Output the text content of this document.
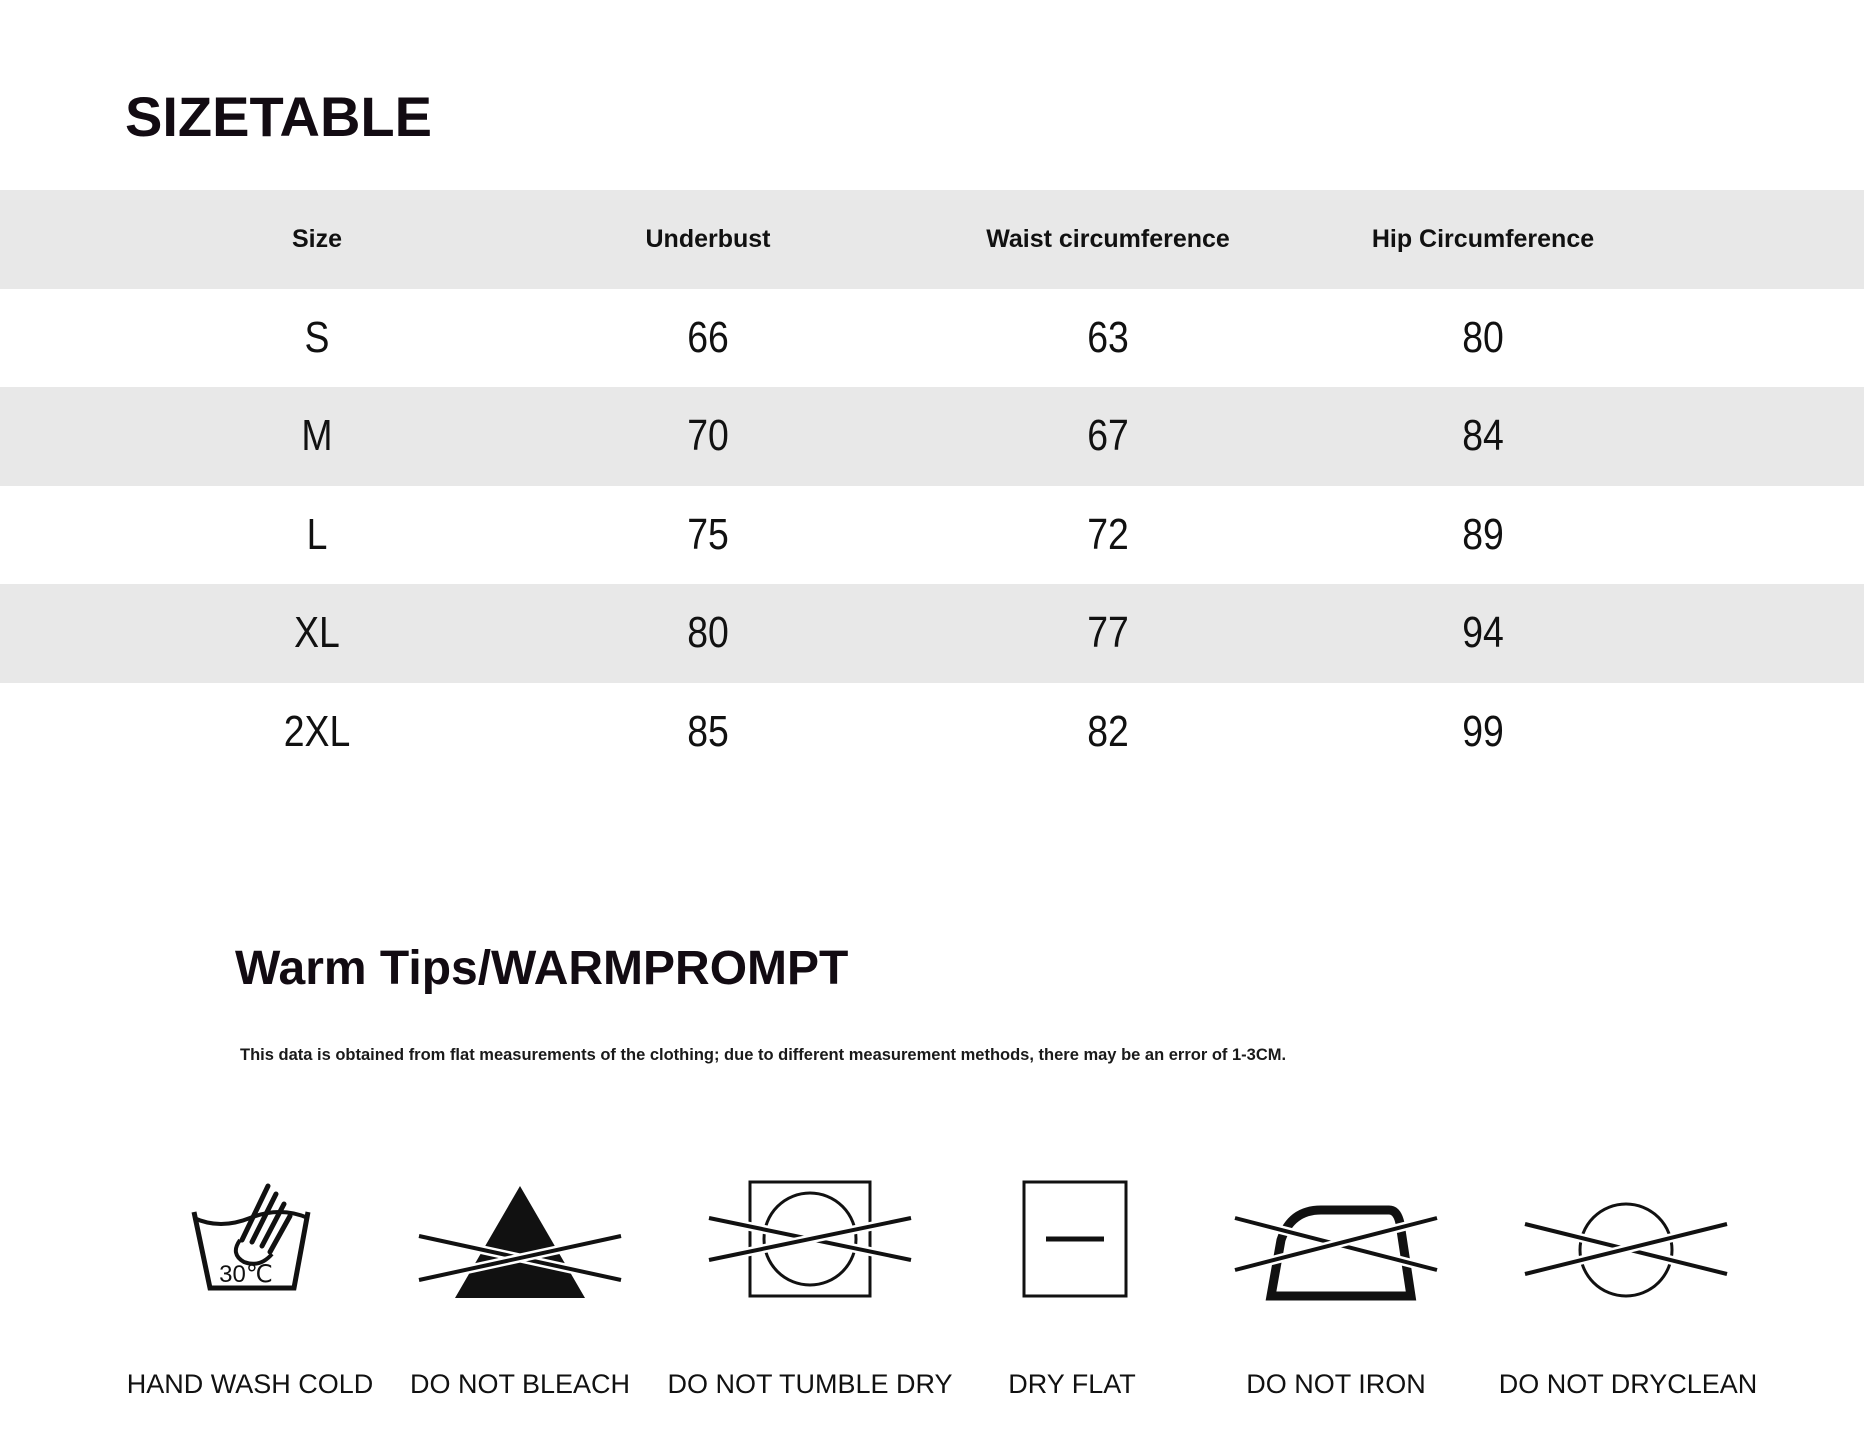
SIZETABLE
Size	Underbust	Waist circumference	Hip Circumference
S	66	63	80
M	70	67	84
L	75	72	89
XL	80	77	94
2XL	85	82	99
Warm Tips/WARMPROMPT
This data is obtained from flat measurements of the clothing; due to different measurement methods, there may be an error of 1-3CM.
30℃
HAND WASH COLD DO NOT BLEACH DO NOT TUMBLE DRY DRY FLAT	DO NOT IRON	DO NOT DRYCLEAN
